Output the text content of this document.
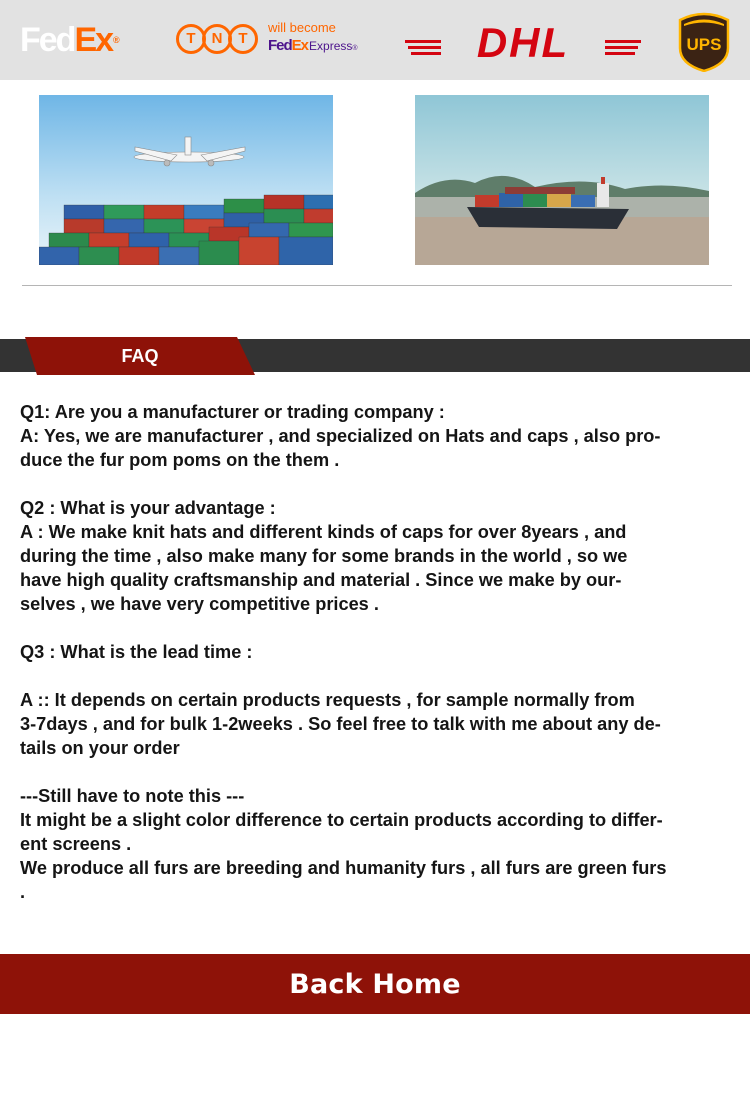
FedEx®	T	N	T
will become
FedExExpress®	DHL	UPS
FAQ

Q1: Are you a manufacturer or trading company :

A: Yes, we are manufacturer , and specialized on Hats and caps , also pro-

duce the fur pom poms on the them .

Q2 : What is your advantage :

A : We make knit hats and different kinds of caps for over 8years , and

during the time , also make many for some brands in the world , so we

have high quality craftsmanship and material . Since we make by our-

selves , we have very competitive prices .

Q3 : What is the lead time :

A :: It depends on certain products requests , for sample normally from

3-7days , and for bulk 1-2weeks . So feel free to talk with me about any de-

tails on your order

---Still have to note this ---

It might be a slight color difference to certain products according to differ-

ent screens .

We produce all furs are breeding and humanity furs , all furs are green furs

.

Back Home
